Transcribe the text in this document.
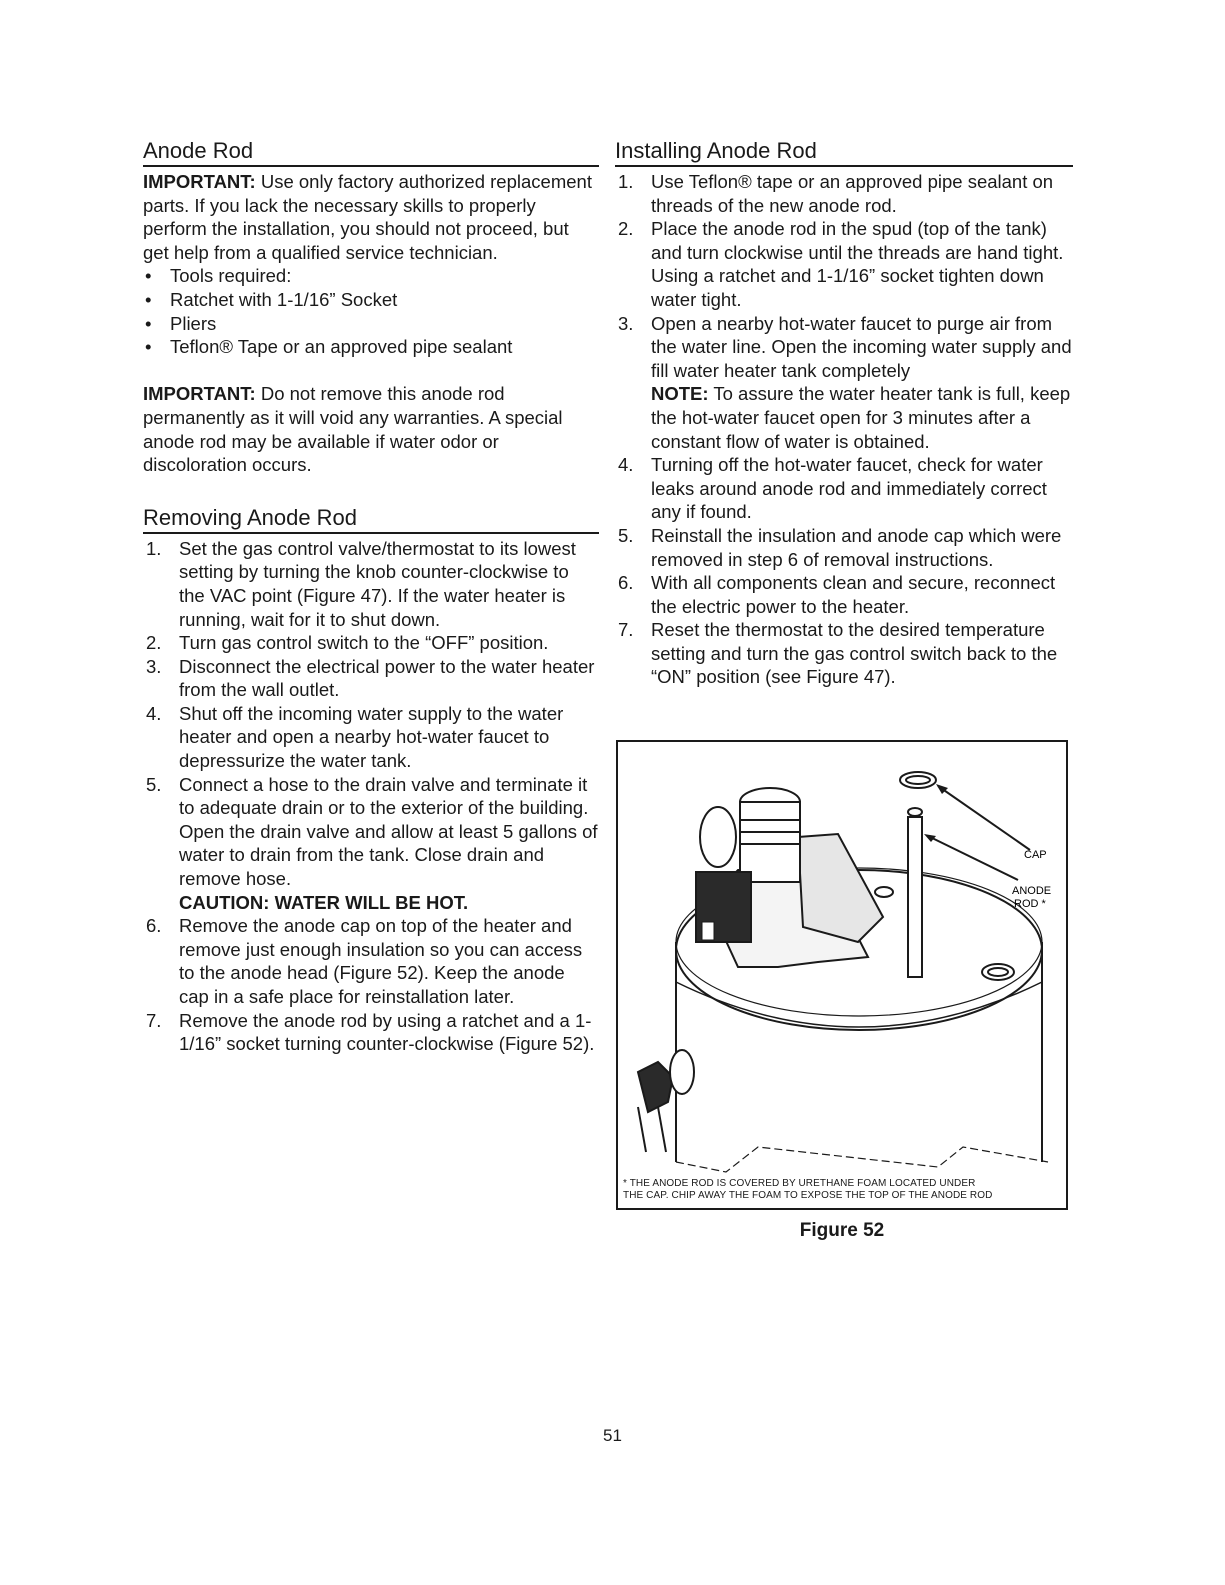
Anode Rod

IMPORTANT: Use only factory authorized replacement parts. If you lack the necessary skills to properly perform the installation, you should not proceed, but get help from a qualified service technician.

• Tools required:
• Ratchet with 1-1/16” Socket
• Pliers
• Teflon® Tape or an approved pipe sealant

IMPORTANT: Do not remove this anode rod permanently as it will void any warranties. A special anode rod may be available if water odor or discoloration occurs.

Removing Anode Rod
1. Set the gas control valve/thermostat to its lowest setting by turning the knob counter-clockwise to the VAC point (Figure 47). If the water heater is running, wait for it to shut down.
2. Turn gas control switch to the “OFF” position.
3. Disconnect the electrical power to the water heater from the wall outlet.
4. Shut off the incoming water supply to the water heater and open a nearby hot-water faucet to depressurize the water tank.
5. Connect a hose to the drain valve and terminate it to adequate drain or to the exterior of the building. Open the drain valve and allow at least 5 gallons of water to drain from the tank. Close drain and remove hose.
CAUTION: WATER WILL BE HOT.
6. Remove the anode cap on top of the heater and remove just enough insulation so you can access to the anode head (Figure 52). Keep the anode cap in a safe place for reinstallation later.
7. Remove the anode rod by using a ratchet and a 1-1/16” socket turning counter-clockwise (Figure 52).
Installing Anode Rod
1. Use Teflon® tape or an approved pipe sealant on threads of the new anode rod.
2. Place the anode rod in the spud (top of the tank) and turn clockwise until the threads are hand tight. Using a ratchet and 1-1/16” socket tighten down water tight.
3. Open a nearby hot-water faucet to purge air from the water line. Open the incoming water supply and fill water heater tank completely
NOTE: To assure the water heater tank is full, keep the hot-water faucet open for 3 minutes after a constant flow of water is obtained.
4. Turning off the hot-water faucet, check for water leaks around anode rod and immediately correct any if found.
5. Reinstall the insulation and anode cap which were removed in step 6 of removal instructions.
6. With all components clean and secure, reconnect the electric power to the heater.
7. Reset the thermostat to the desired temperature setting and turn the gas control switch back to the “ON” position (see Figure 47).
CAP
ANODE
ROD *
* THE ANODE ROD IS COVERED BY URETHANE FOAM LOCATED UNDER
THE CAP. CHIP AWAY THE FOAM TO EXPOSE THE TOP OF THE ANODE ROD
Figure 52
51
